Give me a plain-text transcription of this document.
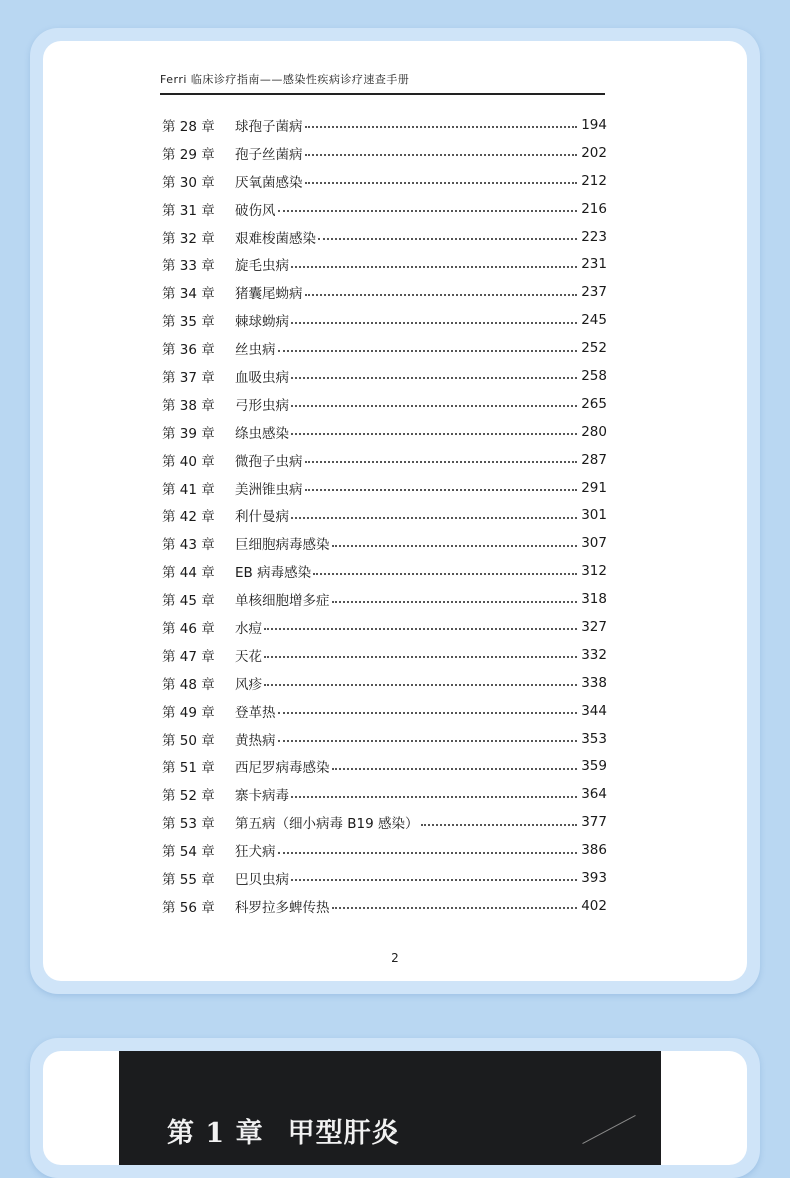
Ferri 临床诊疗指南——感染性疾病诊疗速查手册
第 28 章	球孢子菌病	194
第 29 章	孢子丝菌病	202
第 30 章	厌氧菌感染	212
第 31 章	破伤风	216
第 32 章	艰难梭菌感染	223
第 33 章	旋毛虫病	231
第 34 章	猪囊尾蚴病	237
第 35 章	棘球蚴病	245
第 36 章	丝虫病	252
第 37 章	血吸虫病	258
第 38 章	弓形虫病	265
第 39 章	绦虫感染	280
第 40 章	微孢子虫病	287
第 41 章	美洲锥虫病	291
第 42 章	利什曼病	301
第 43 章	巨细胞病毒感染	307
第 44 章	EB 病毒感染	312
第 45 章	单核细胞增多症	318
第 46 章	水痘	327
第 47 章	天花	332
第 48 章	风疹	338
第 49 章	登革热	344
第 50 章	黄热病	353
第 51 章	西尼罗病毒感染	359
第 52 章	寨卡病毒	364
第 53 章	第五病（细小病毒 B19 感染）	377
第 54 章	狂犬病	386
第 55 章	巴贝虫病	393
第 56 章	科罗拉多蜱传热	402
2
第 1 章 甲型肝炎
